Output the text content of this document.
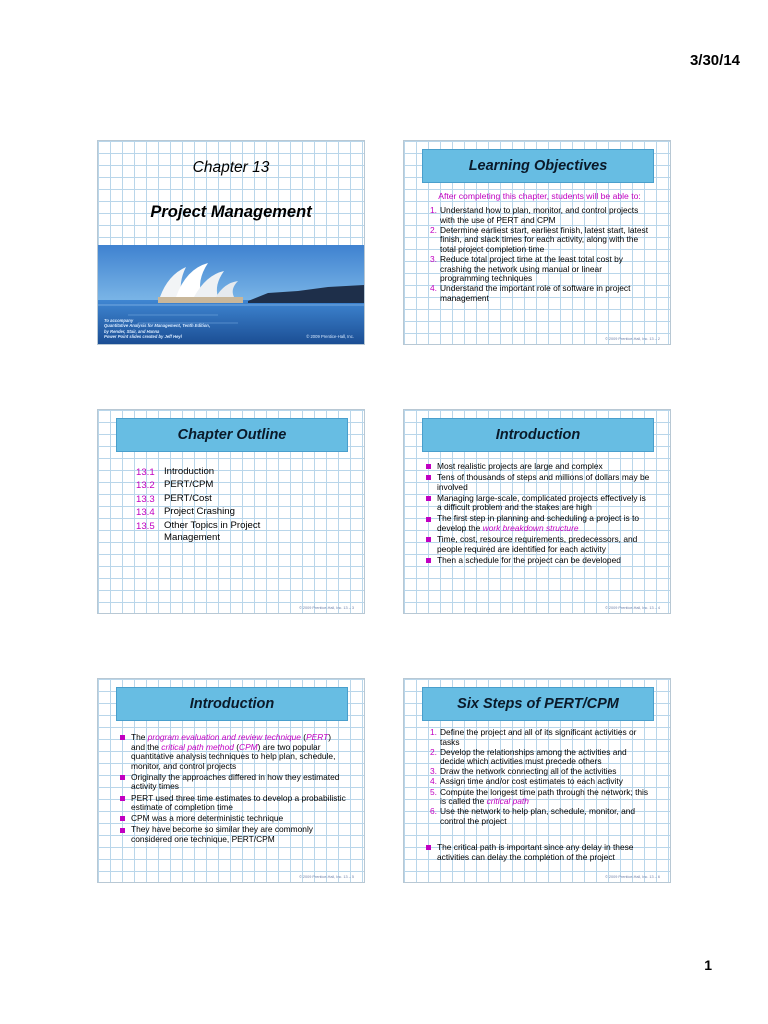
3/30/14
Chapter 13
Project Management
To accompany
Quantitative Analysis for Management, Tenth Edition,
by Render, Stair, and Hanna
Power Point slides created by Jeff Heyl	© 2009 Prentice-Hall, Inc.
Learning Objectives
After completing this chapter, students will be able to:
1. Understand how to plan, monitor, and control projects with the use of PERT and CPM
2. Determine earliest start, earliest finish, latest start, latest finish, and slack times for each activity, along with the total project completion time
3. Reduce total project time at the least total cost by crashing the network using manual or linear programming techniques
4. Understand the important role of software in project management
© 2009 Prentice-Hall, Inc. 13 – 2
Chapter Outline
13.1 Introduction
13.2 PERT/CPM
13.3 PERT/Cost
13.4 Project Crashing
13.5 Other Topics in Project Management
© 2009 Prentice-Hall, Inc. 13 – 3
Introduction
Most realistic projects are large and complex
Tens of thousands of steps and millions of dollars may be involved
Managing large-scale, complicated projects effectively is a difficult problem and the stakes are high
The first step in planning and scheduling a project is to develop the work breakdown structure
Time, cost, resource requirements, predecessors, and people required are identified for each activity
Then a schedule for the project can be developed
© 2009 Prentice-Hall, Inc. 13 – 4
Introduction
The program evaluation and review technique (PERT) and the critical path method (CPM) are two popular quantitative analysis techniques to help plan, schedule, monitor, and control projects
Originally the approaches differed in how they estimated activity times
PERT used three time estimates to develop a probabilistic estimate of completion time
CPM was a more deterministic technique
They have become so similar they are commonly considered one technique, PERT/CPM
© 2009 Prentice-Hall, Inc. 13 – 5
Six Steps of PERT/CPM
1. Define the project and all of its significant activities or tasks
2. Develop the relationships among the activities and decide which activities must precede others
3. Draw the network connecting all of the activities
4. Assign time and/or cost estimates to each activity
5. Compute the longest time path through the network; this is called the critical path
6. Use the network to help plan, schedule, monitor, and control the project
The critical path is important since any delay in these activities can delay the completion of the project
© 2009 Prentice-Hall, Inc. 13 – 6
1
